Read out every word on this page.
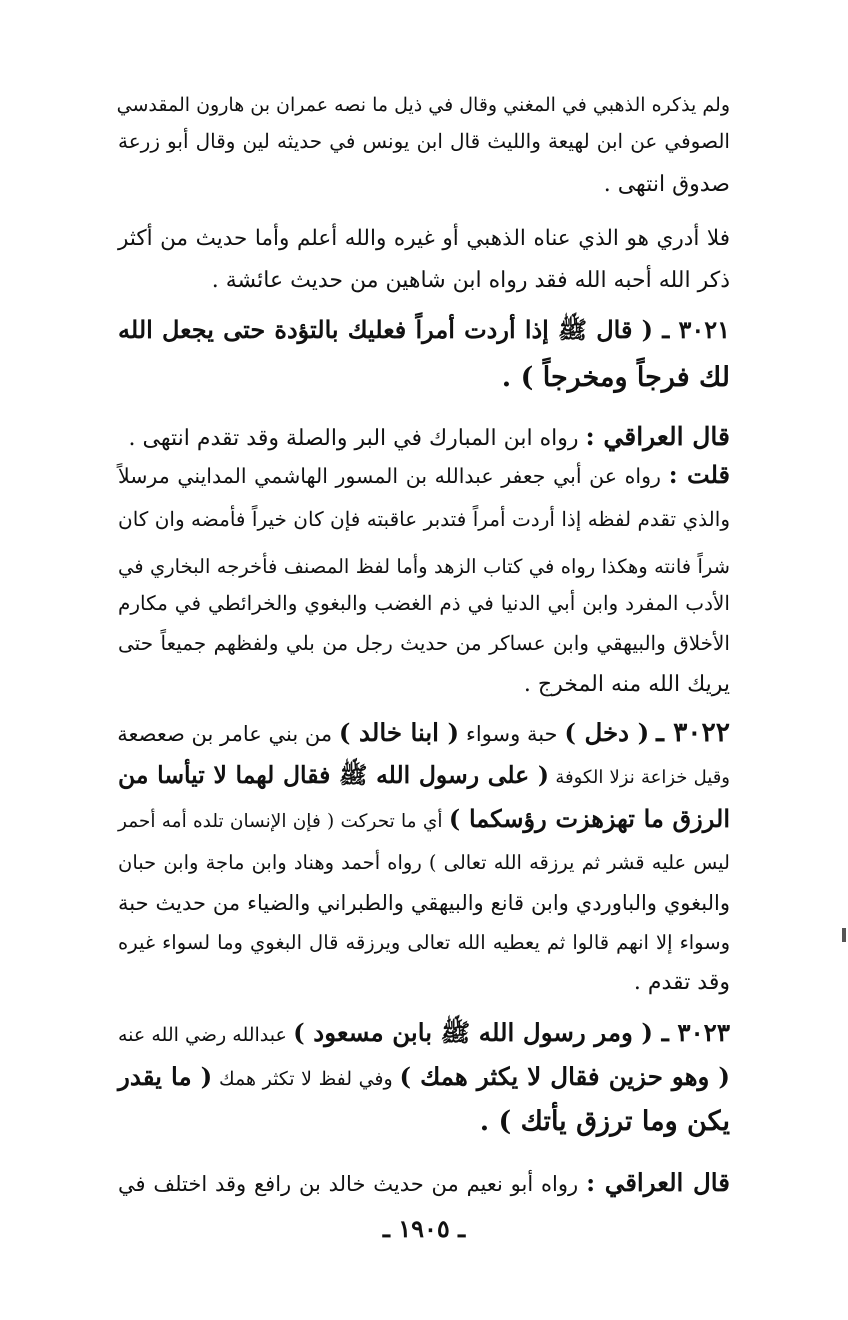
ولم يذكره الذهبي في المغني وقال في ذيل ما نصه عمران بن هارون المقدسي
الصوفي عن ابن لهيعة والليث قال ابن يونس في حديثه لين وقال أبو زرعة
صدوق انتهى .
فلا أدري هو الذي عناه الذهبي أو غيره والله أعلم وأما حديث من أكثر
ذكر الله أحبه الله فقد رواه ابن شاهين من حديث عائشة .
٣٠٢١ ـ ( قال ﷺ إذا أردت أمراً فعليك بالتؤدة حتى يجعل الله
لك فرجاً ومخرجاً ) .
قال العراقي : رواه ابن المبارك في البر والصلة وقد تقدم انتهى .
قلت : رواه عن أبي جعفر عبدالله بن المسور الهاشمي المدايني مرسلاً
والذي تقدم لفظه إذا أردت أمراً فتدبر عاقبته فإن كان خيراً فأمضه وان كان
شراً فانته وهكذا رواه في كتاب الزهد وأما لفظ المصنف فأخرجه البخاري في
الأدب المفرد وابن أبي الدنيا في ذم الغضب والبغوي والخرائطي في مكارم
الأخلاق والبيهقي وابن عساكر من حديث رجل من بلي ولفظهم جميعاً حتى
يريك الله منه المخرج .
٣٠٢٢ ـ ( دخل ) حبة وسواء ( ابنا خالد ) من بني عامر بن صعصعة
وقيل خزاعة نزلا الكوفة ( على رسول الله ﷺ فقال لهما لا تيأسا من
الرزق ما تهزهزت رؤسكما ) أي ما تحركت ( فإن الإنسان تلده أمه أحمر
ليس عليه قشر ثم يرزقه الله تعالى ) رواه أحمد وهناد وابن ماجة وابن حبان
والبغوي والباوردي وابن قانع والبيهقي والطبراني والضياء من حديث حبة
وسواء إلا انهم قالوا ثم يعطيه الله تعالى ويرزقه قال البغوي وما لسواء غيره
وقد تقدم .
٣٠٢٣ ـ ( ومر رسول الله ﷺ بابن مسعود ) عبدالله رضي الله عنه
( وهو حزين فقال لا يكثر همك ) وفي لفظ لا تكثر همك ( ما يقدر
يكن وما ترزق يأتك ) .
قال العراقي : رواه أبو نعيم من حديث خالد بن رافع وقد اختلف في
ـ ١٩٠٥ ـ
